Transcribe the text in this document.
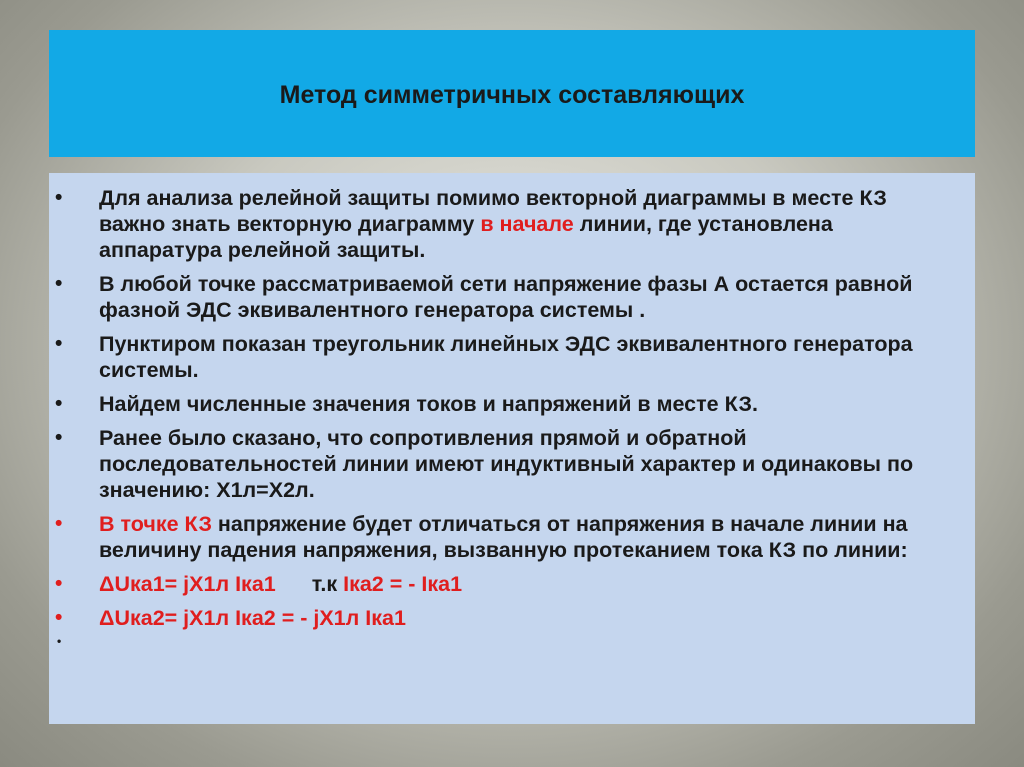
Метод симметричных составляющих
• Для анализа релейной защиты помимо векторной диаграммы в месте КЗ важно знать векторную диаграмму в начале линии, где установлена аппаратура релейной защиты.
• В любой точке рассматриваемой сети напряжение фазы А остается равной фазной ЭДС эквивалентного генератора системы .
• Пунктиром показан треугольник линейных ЭДС эквивалентного генератора системы.
• Найдем численные значения токов и напряжений в месте КЗ.
• Ранее было сказано, что сопротивления прямой и обратной последовательностей линии имеют индуктивный характер и одинаковы по значению: Х1л=Х2л.
• В точке КЗ напряжение будет отличаться от напряжения в начале линии на величину падения напряжения, вызванную протеканием тока КЗ по линии:
• ΔUка1= jХ1л Iка1 т.к Iка2 = - Iка1
• ΔUка2= jХ1л Iка2 = - jХ1л Iка1
•
